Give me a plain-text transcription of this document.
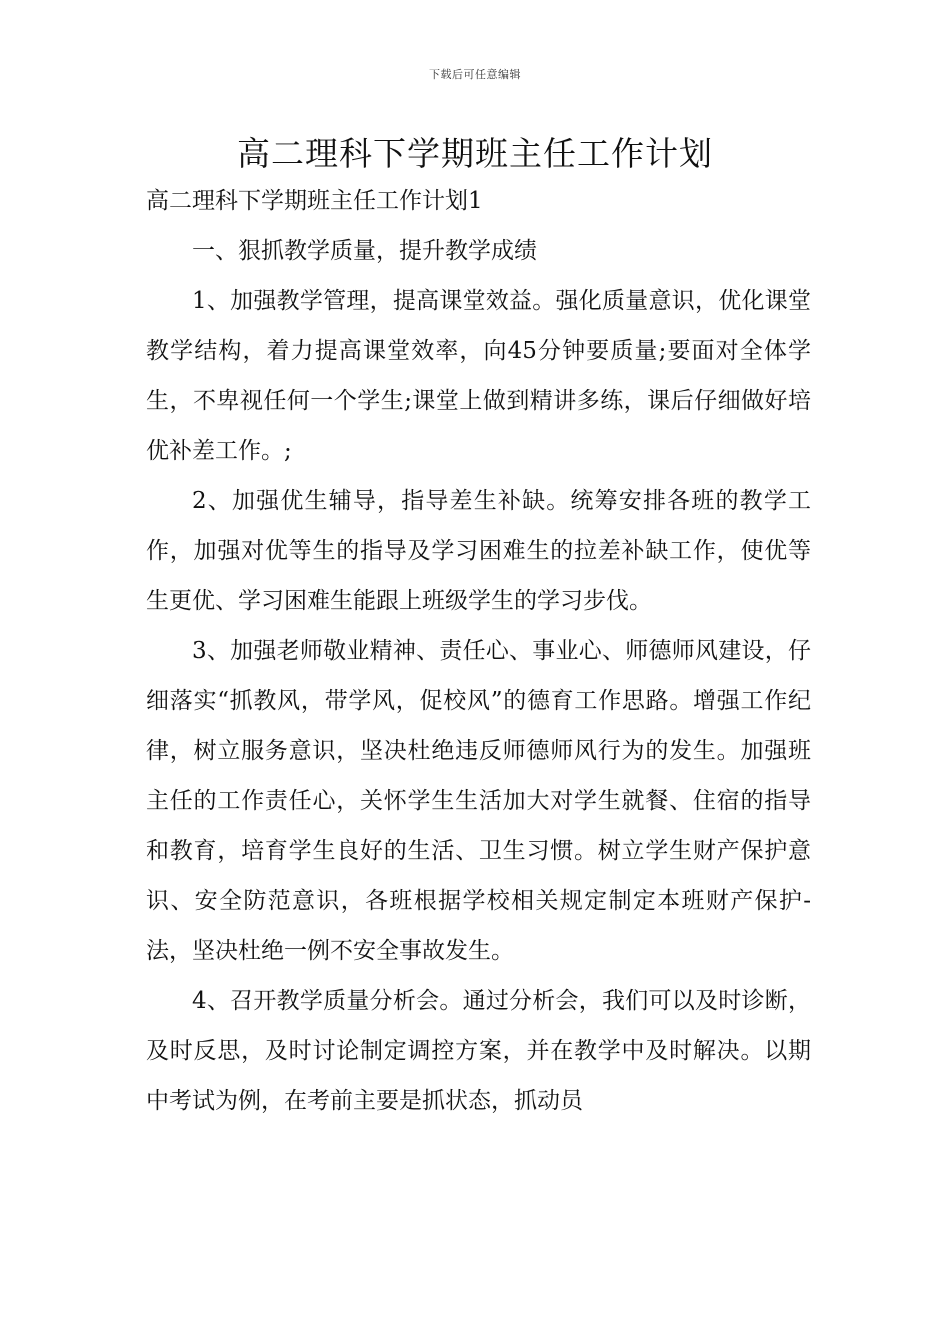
下载后可任意编辑
高二理科下学期班主任工作计划

高二理科下学期班主任工作计划1

一、狠抓教学质量，提升教学成绩

1、加强教学管理，提高课堂效益。强化质量意识，优化课堂教学结构，着力提高课堂效率，向45分钟要质量;要面对全体学生，不卑视任何一个学生;课堂上做到精讲多练，课后仔细做好培优补差工作。;

2、加强优生辅导，指导差生补缺。统筹安排各班的教学工作，加强对优等生的指导及学习困难生的拉差补缺工作，使优等生更优、学习困难生能跟上班级学生的学习步伐。

3、加强老师敬业精神、责任心、事业心、师德师风建设，仔细落实“抓教风，带学风，促校风”的德育工作思路。增强工作纪律，树立服务意识，坚决杜绝违反师德师风行为的发生。加强班主任的工作责任心，关怀学生生活加大对学生就餐、住宿的指导和教育，培育学生良好的生活、卫生习惯。树立学生财产保护意识、安全防范意识，各班根据学校相关规定制定本班财产保护-法，坚决杜绝一例不安全事故发生。

4、召开教学质量分析会。通过分析会，我们可以及时诊断，及时反思，及时讨论制定调控方案，并在教学中及时解决。以期中考试为例，在考前主要是抓状态，抓动员
